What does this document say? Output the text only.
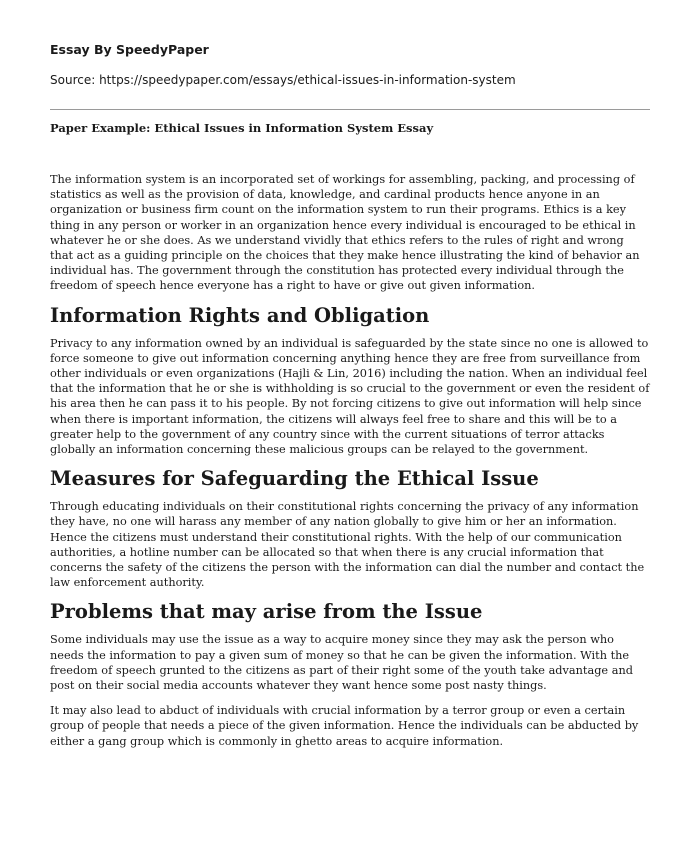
Essay By SpeedyPaper

Source: https://speedypaper.com/essays/ethical-issues-in-information-system

Paper Example: Ethical Issues in Information System Essay

The information system is an incorporated set of workings for assembling, packing, and processing of statistics as well as the provision of data, knowledge, and cardinal products hence anyone in an organization or business firm count on the information system to run their programs. Ethics is a key thing in any person or worker in an organization hence every individual is encouraged to be ethical in whatever he or she does. As we understand vividly that ethics refers to the rules of right and wrong that act as a guiding principle on the choices that they make hence illustrating the kind of behavior an individual has. The government through the constitution has protected every individual through the freedom of speech hence everyone has a right to have or give out given information.

Information Rights and Obligation

Privacy to any information owned by an individual is safeguarded by the state since no one is allowed to force someone to give out information concerning anything hence they are free from surveillance from other individuals or even organizations (Hajli & Lin, 2016) including the nation. When an individual feel that the information that he or she is withholding is so crucial to the government or even the resident of his area then he can pass it to his people. By not forcing citizens to give out information will help since when there is important information, the citizens will always feel free to share and this will be to a greater help to the government of any country since with the current situations of terror attacks globally an information concerning these malicious groups can be relayed to the government.

Measures for Safeguarding the Ethical Issue

Through educating individuals on their constitutional rights concerning the privacy of any information they have, no one will harass any member of any nation globally to give him or her an information. Hence the citizens must understand their constitutional rights. With the help of our communication authorities, a hotline number can be allocated so that when there is any crucial information that concerns the safety of the citizens the person with the information can dial the number and contact the law enforcement authority.

Problems that may arise from the Issue

Some individuals may use the issue as a way to acquire money since they may ask the person who needs the information to pay a given sum of money so that he can be given the information. With the freedom of speech grunted to the citizens as part of their right some of the youth take advantage and post on their social media accounts whatever they want hence some post nasty things.

It may also lead to abduct of individuals with crucial information by a terror group or even a certain group of people that needs a piece of the given information. Hence the individuals can be abducted by either a gang group which is commonly in ghetto areas to acquire information.
